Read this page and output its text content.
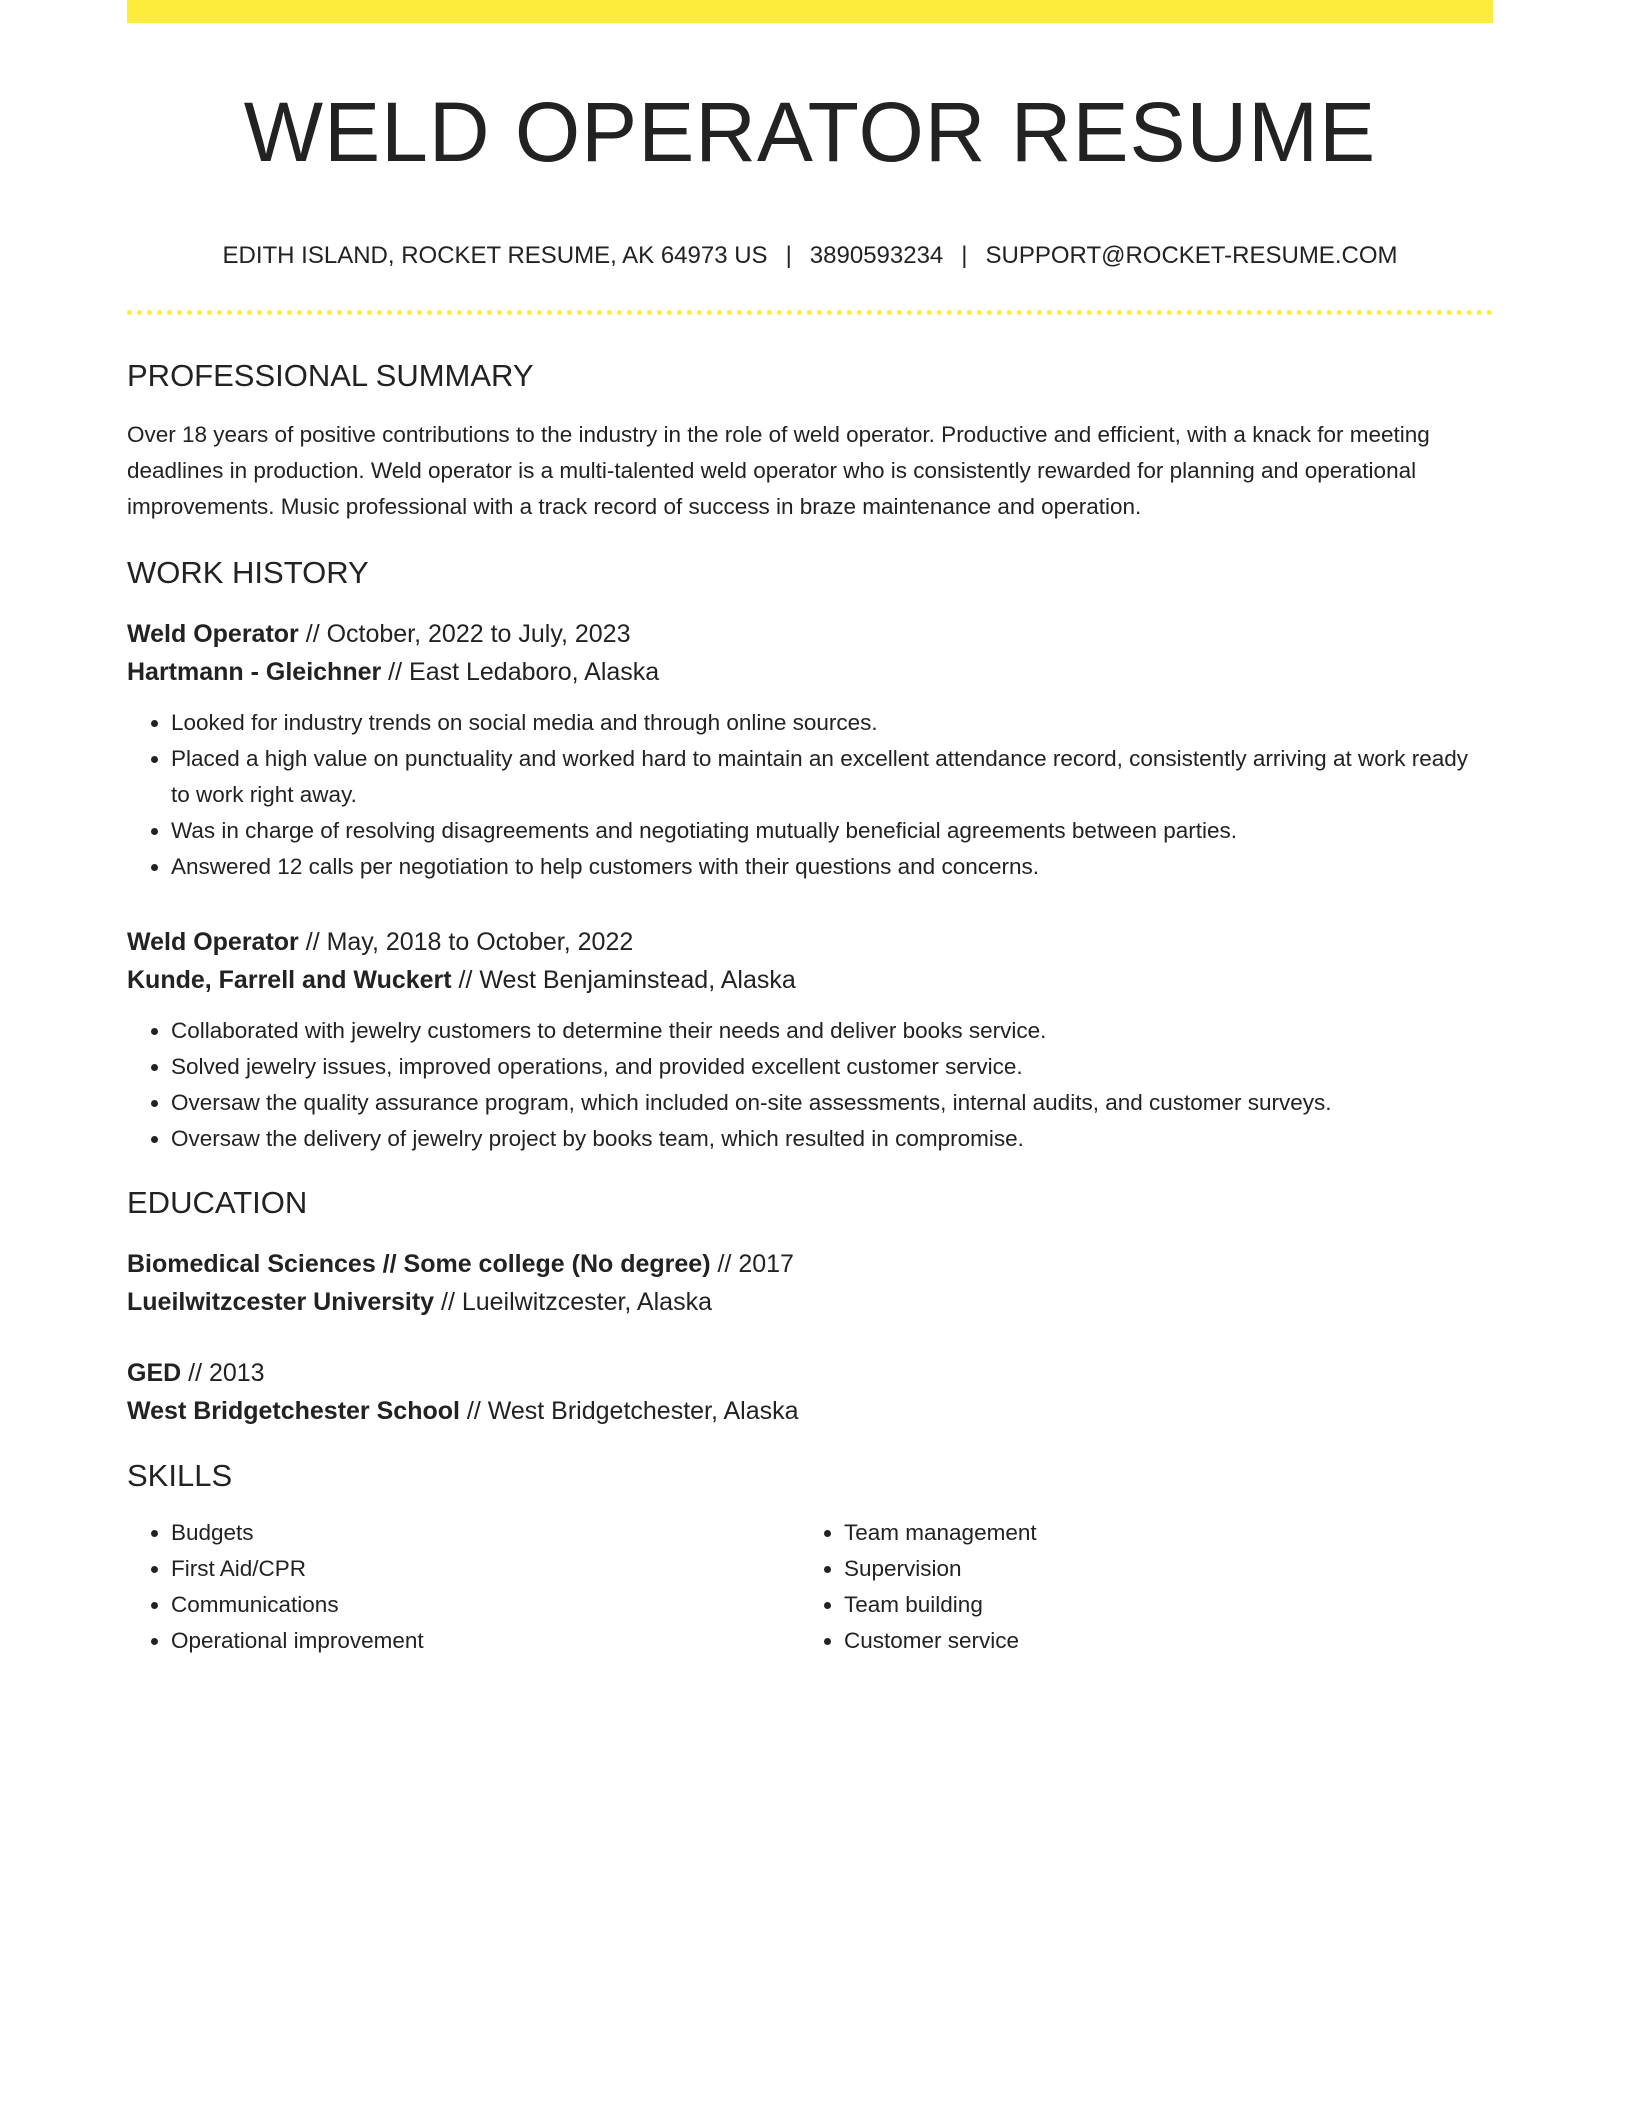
WELD OPERATOR RESUME
EDITH ISLAND, ROCKET RESUME, AK 64973 US | 3890593234 | SUPPORT@ROCKET-RESUME.COM
PROFESSIONAL SUMMARY
Over 18 years of positive contributions to the industry in the role of weld operator. Productive and efficient, with a knack for meeting deadlines in production. Weld operator is a multi-talented weld operator who is consistently rewarded for planning and operational improvements. Music professional with a track record of success in braze maintenance and operation.
WORK HISTORY
Weld Operator // October, 2022 to July, 2023
Hartmann - Gleichner // East Ledaboro, Alaska
• Looked for industry trends on social media and through online sources.
• Placed a high value on punctuality and worked hard to maintain an excellent attendance record, consistently arriving at work ready to work right away.
• Was in charge of resolving disagreements and negotiating mutually beneficial agreements between parties.
• Answered 12 calls per negotiation to help customers with their questions and concerns.
Weld Operator // May, 2018 to October, 2022
Kunde, Farrell and Wuckert // West Benjaminstead, Alaska
• Collaborated with jewelry customers to determine their needs and deliver books service.
• Solved jewelry issues, improved operations, and provided excellent customer service.
• Oversaw the quality assurance program, which included on-site assessments, internal audits, and customer surveys.
• Oversaw the delivery of jewelry project by books team, which resulted in compromise.
EDUCATION
Biomedical Sciences // Some college (No degree) // 2017
Lueilwitzcester University // Lueilwitzcester, Alaska
GED // 2013
West Bridgetchester School // West Bridgetchester, Alaska
SKILLS
• Budgets
• First Aid/CPR
• Communications
• Operational improvement
• Team management
• Supervision
• Team building
• Customer service
